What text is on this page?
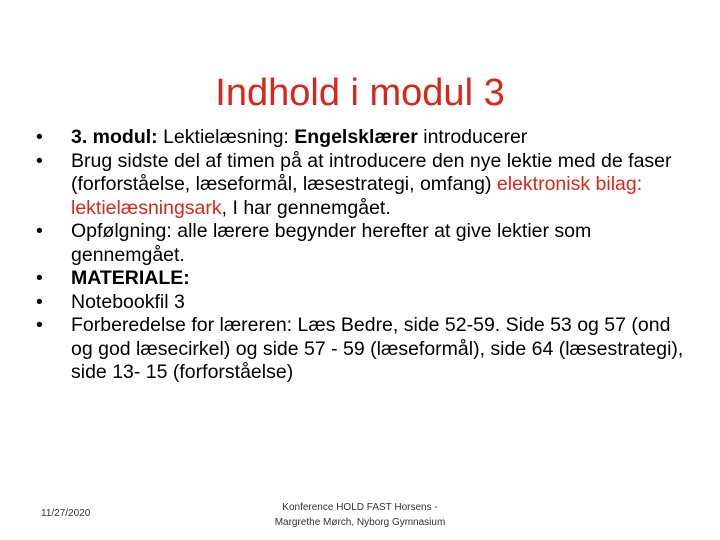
Indhold i modul 3
•	3. modul: Lektielæsning: Engelsklærer introducerer
•	Brug sidste del af timen på at introducere den nye lektie med de faser (forforståelse, læseformål, læsestrategi, omfang) elektronisk bilag: lektielæsningsark, I har gennemgået.
•	Opfølgning: alle lærere begynder herefter at give lektier som gennemgået.
•	MATERIALE:
•	Notebookfil 3
•	Forberedelse for læreren: Læs Bedre, side 52-59. Side 53 og 57 (ond og god læsecirkel) og side 57 - 59 (læseformål), side 64 (læsestrategi), side 13- 15 (forforståelse)
11/27/2020
Konference HOLD FAST Horsens -
Margrethe Mørch, Nyborg Gymnasium
